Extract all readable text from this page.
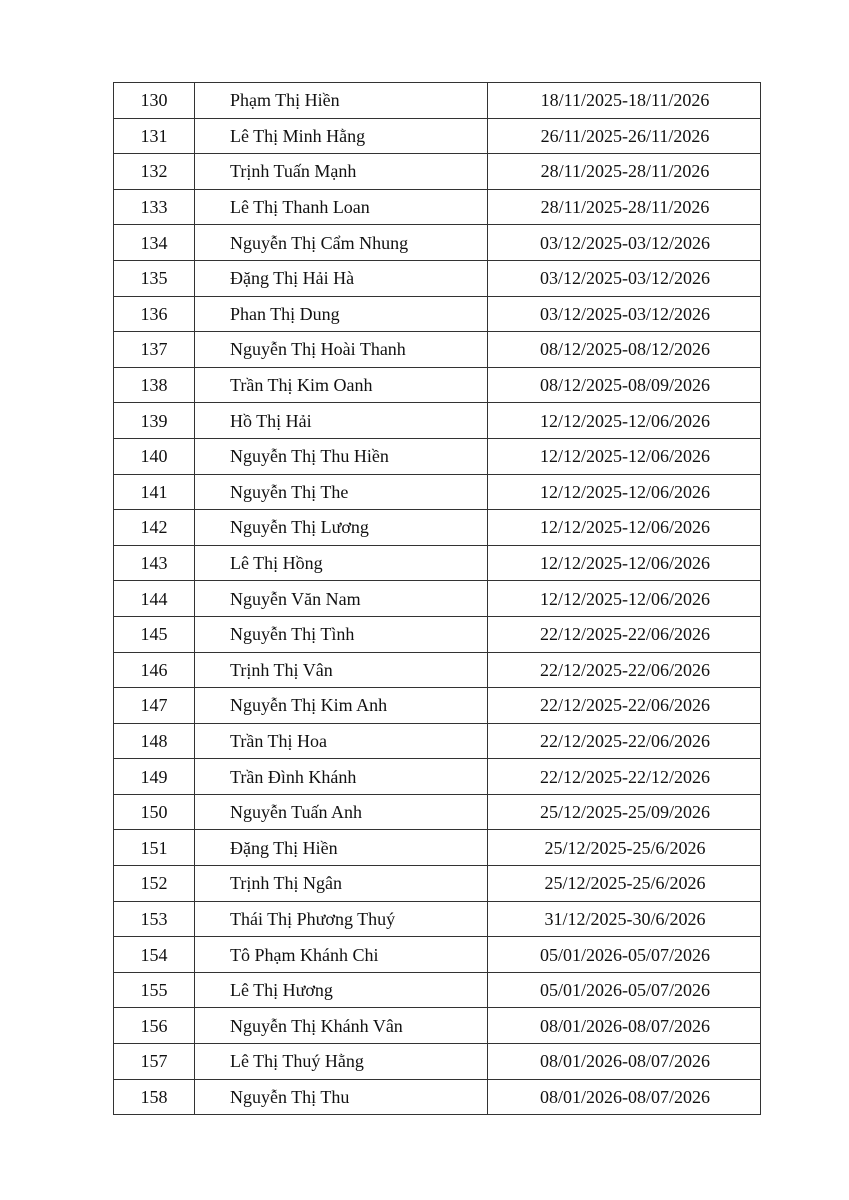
130	Phạm Thị Hiền	18/11/2025-18/11/2026
131	Lê Thị Minh Hằng	26/11/2025-26/11/2026
132	Trịnh Tuấn Mạnh	28/11/2025-28/11/2026
133	Lê Thị Thanh Loan	28/11/2025-28/11/2026
134	Nguyễn Thị Cẩm Nhung	03/12/2025-03/12/2026
135	Đặng Thị Hải Hà	03/12/2025-03/12/2026
136	Phan Thị Dung	03/12/2025-03/12/2026
137	Nguyễn Thị Hoài Thanh	08/12/2025-08/12/2026
138	Trần Thị Kim Oanh	08/12/2025-08/09/2026
139	Hồ Thị Hải	12/12/2025-12/06/2026
140	Nguyễn Thị Thu Hiền	12/12/2025-12/06/2026
141	Nguyễn Thị The	12/12/2025-12/06/2026
142	Nguyễn Thị Lương	12/12/2025-12/06/2026
143	Lê Thị Hồng	12/12/2025-12/06/2026
144	Nguyễn Văn Nam	12/12/2025-12/06/2026
145	Nguyễn Thị Tình	22/12/2025-22/06/2026
146	Trịnh Thị Vân	22/12/2025-22/06/2026
147	Nguyễn Thị Kim Anh	22/12/2025-22/06/2026
148	Trần Thị Hoa	22/12/2025-22/06/2026
149	Trần Đình Khánh	22/12/2025-22/12/2026
150	Nguyễn Tuấn Anh	25/12/2025-25/09/2026
151	Đặng Thị Hiền	25/12/2025-25/6/2026
152	Trịnh Thị Ngân	25/12/2025-25/6/2026
153	Thái Thị Phương Thuý	31/12/2025-30/6/2026
154	Tô Phạm Khánh Chi	05/01/2026-05/07/2026
155	Lê Thị Hương	05/01/2026-05/07/2026
156	Nguyễn Thị Khánh Vân	08/01/2026-08/07/2026
157	Lê Thị Thuý Hằng	08/01/2026-08/07/2026
158	Nguyễn Thị Thu	08/01/2026-08/07/2026
